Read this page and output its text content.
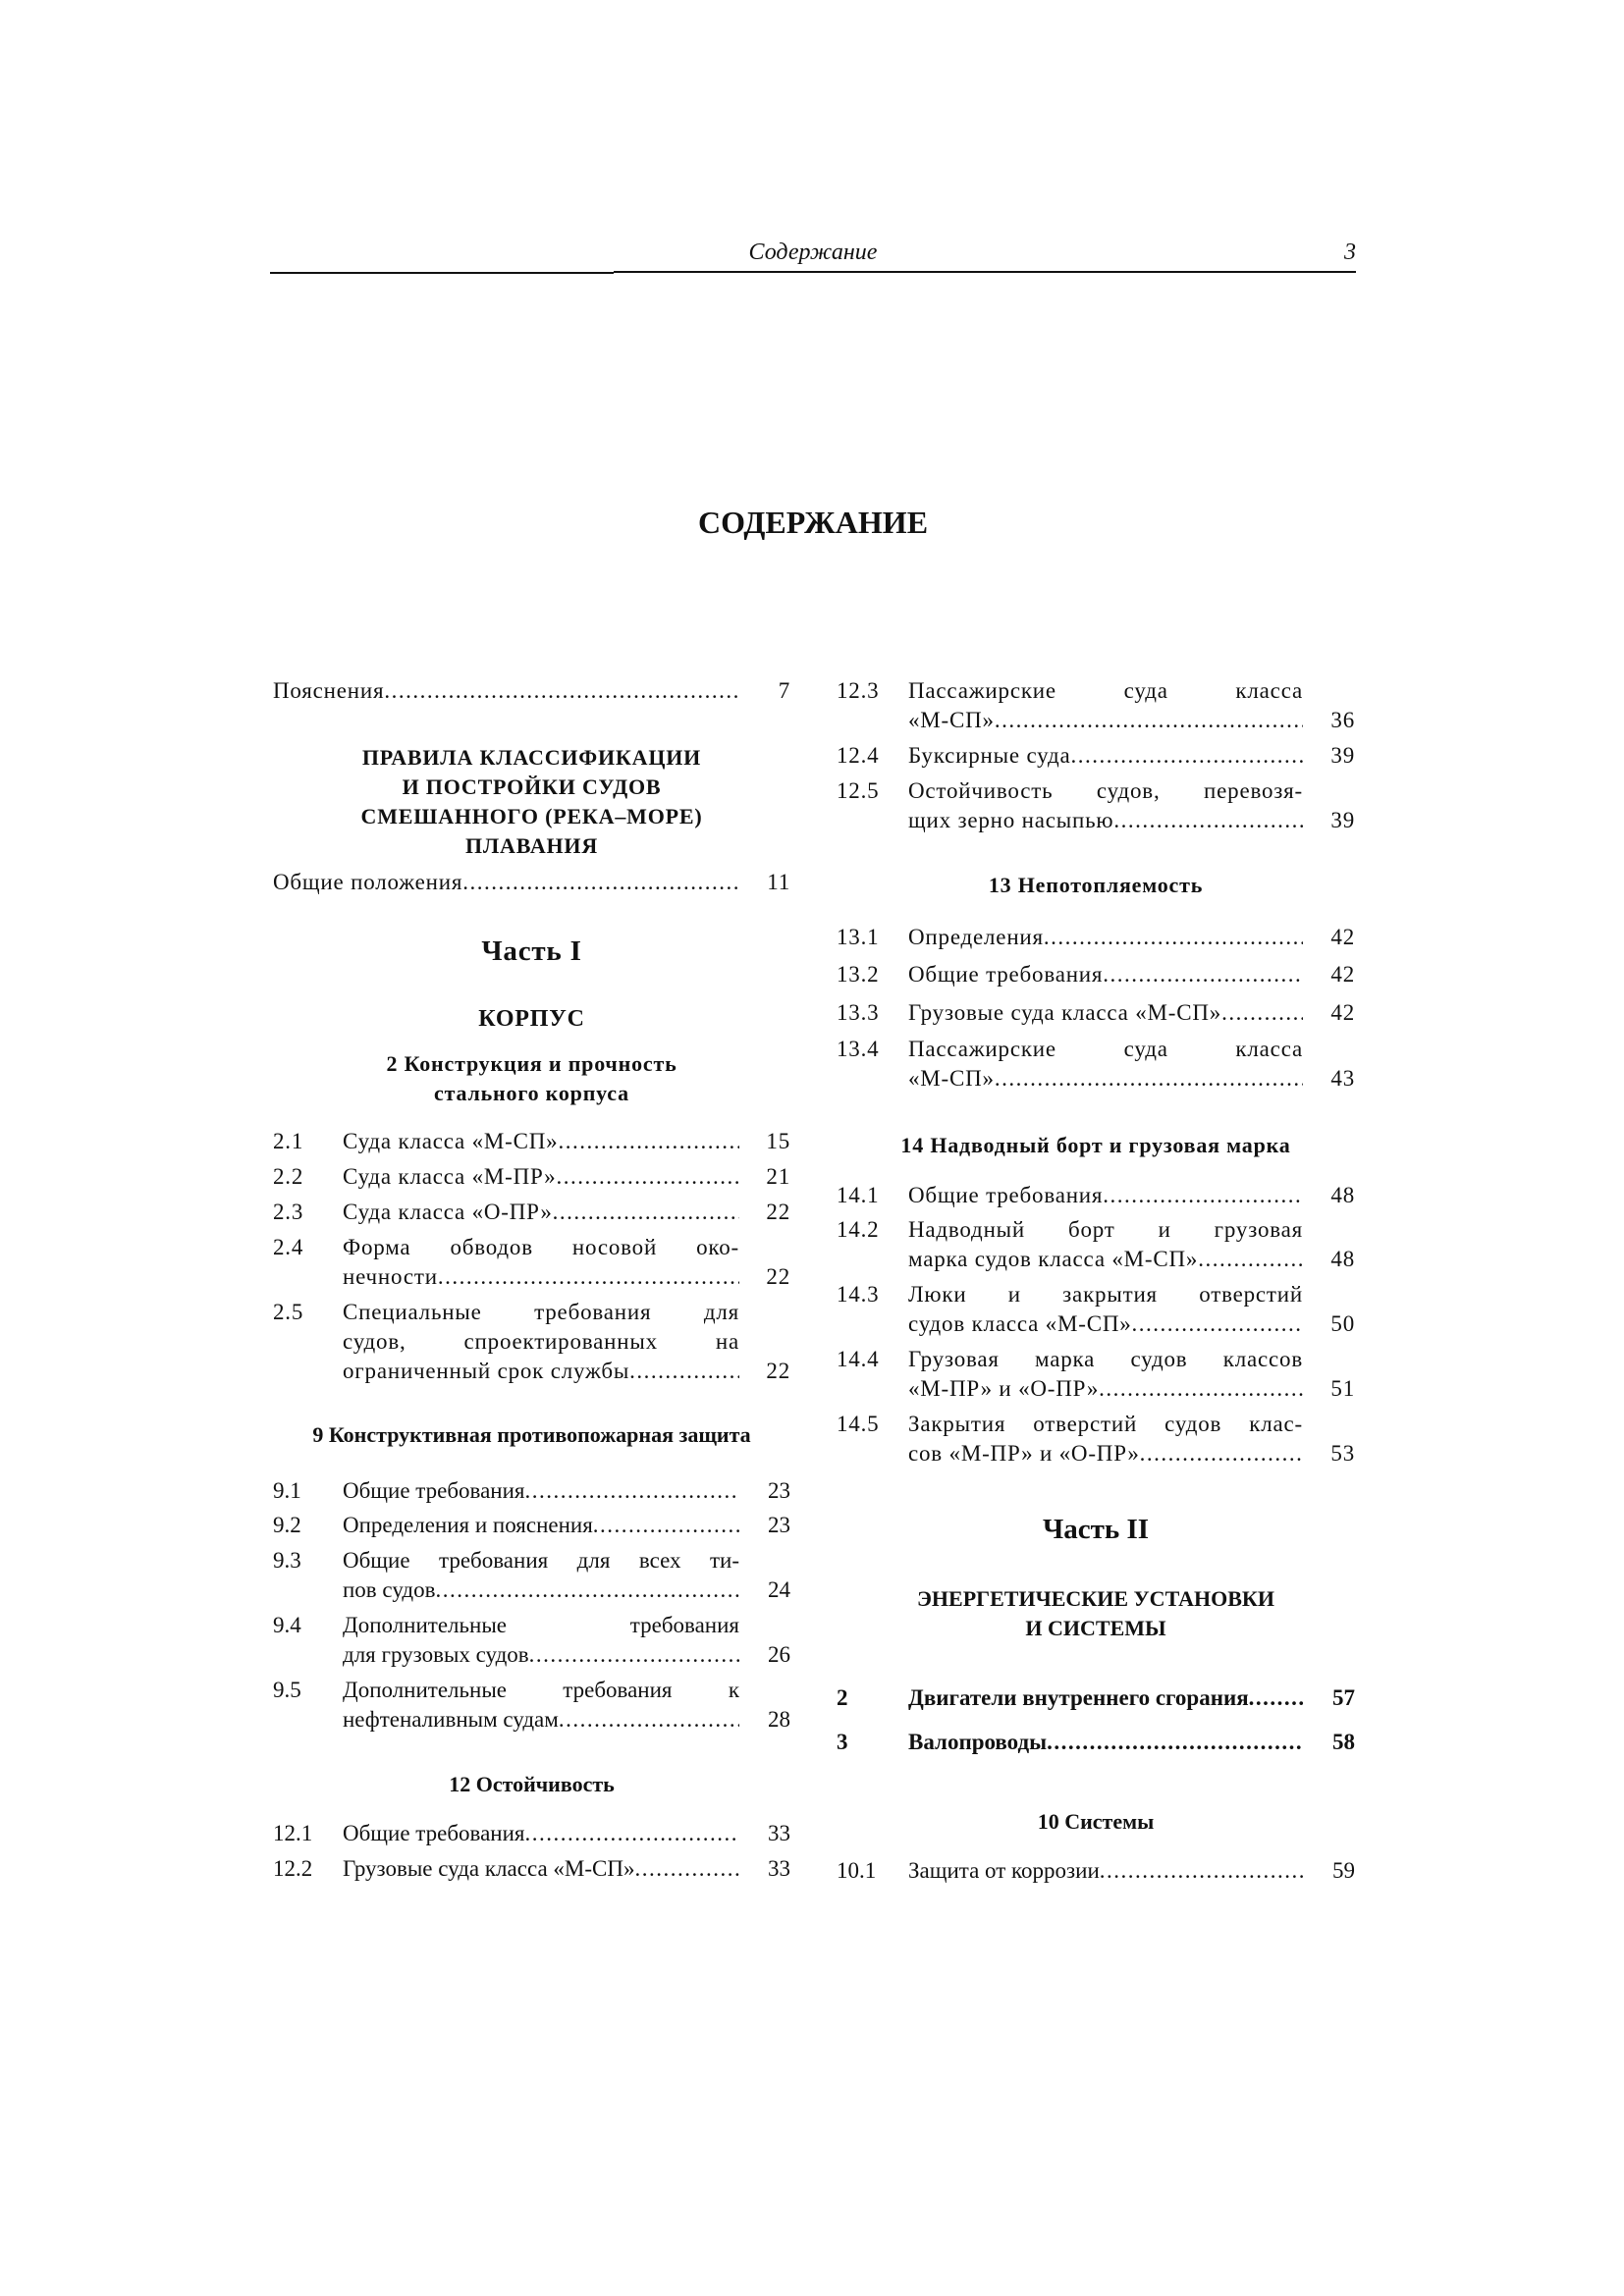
Содержание	3
СОДЕРЖАНИЕ
Пояснения .....	7
ПРАВИЛА КЛАССИФИКАЦИИ
И ПОСТРОЙКИ СУДОВ
СМЕШАННОГО (РЕКА–МОРЕ)
ПЛАВАНИЯ
Общие положения .....	11
Часть I
КОРПУС
2 Конструкция и прочность
стального корпуса
2.1	Суда класса «М-СП» .....	15
2.2	Суда класса «М-ПР» .....	21
2.3	Суда класса «О-ПР» .....	22
2.4	Форма обводов носовой око-
нечности .....	22
2.5	Специальные требования для
судов, спроектированных на
ограниченный срок службы .....	22
9 Конструктивная противопожарная защита
9.1	Общие требования .....	23
9.2	Определения и пояснения .....	23
9.3	Общие требования для всех ти-
пов судов .....	24
9.4	Дополнительные требования
для грузовых судов .....	26
9.5	Дополнительные требования к
нефтеналивным судам .....	28
12 Остойчивость
12.1	Общие требования .....	33
12.2	Грузовые суда класса «М-СП» .....	33
12.3	Пассажирские суда класса
«М-СП» .....	36
12.4	Буксирные суда .....	39
12.5	Остойчивость судов, перевозя-
щих зерно насыпью .....	39
13 Непотопляемость
13.1	Определения .....	42
13.2	Общие требования .....	42
13.3	Грузовые суда класса «М-СП» .....	42
13.4	Пассажирские суда класса
«М-СП» .....	43
14 Надводный борт и грузовая марка
14.1	Общие требования .....	48
14.2	Надводный борт и грузовая
марка судов класса «М-СП» .....	48
14.3	Люки и закрытия отверстий
судов класса «М-СП» .....	50
14.4	Грузовая марка судов классов
«М-ПР» и «О-ПР» .....	51
14.5	Закрытия отверстий судов клас-
сов «М-ПР» и «О-ПР» .....	53
Часть II
ЭНЕРГЕТИЧЕСКИЕ УСТАНОВКИ
И СИСТЕМЫ
2	Двигатели внутреннего сгорания .....	57
3	Валопроводы .....	58
10 Системы
10.1	Защита от коррозии .....	59
